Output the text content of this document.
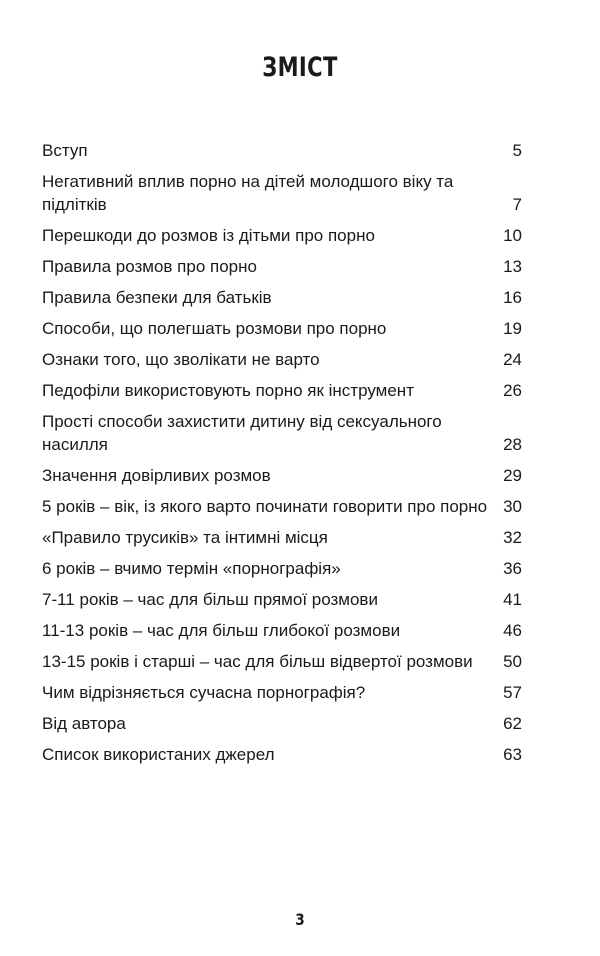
ЗМІСТ
Вступ	5
Негативний вплив порно на дітей молодшого віку та підлітків	7
Перешкоди до розмов із дітьми про порно	10
Правила розмов про порно	13
Правила безпеки для батьків	16
Способи, що полегшать розмови про порно	19
Ознаки того, що зволікати не варто	24
Педофіли використовують порно як інструмент	26
Прості способи захистити дитину від сексуального насилля	28
Значення довірливих розмов	29
5 років – вік, із якого варто починати говорити про порно 30
«Правило трусиків» та інтимні місця	32
6 років – вчимо термін «порнографія»	36
7-11 років – час для більш прямої розмови	41
11-13 років – час для більш глибокої розмови	46
13-15 років і старші – час для більш відвертої розмови	50
Чим відрізняється сучасна порнографія?	57
Від автора	62
Список використаних джерел	63
3
